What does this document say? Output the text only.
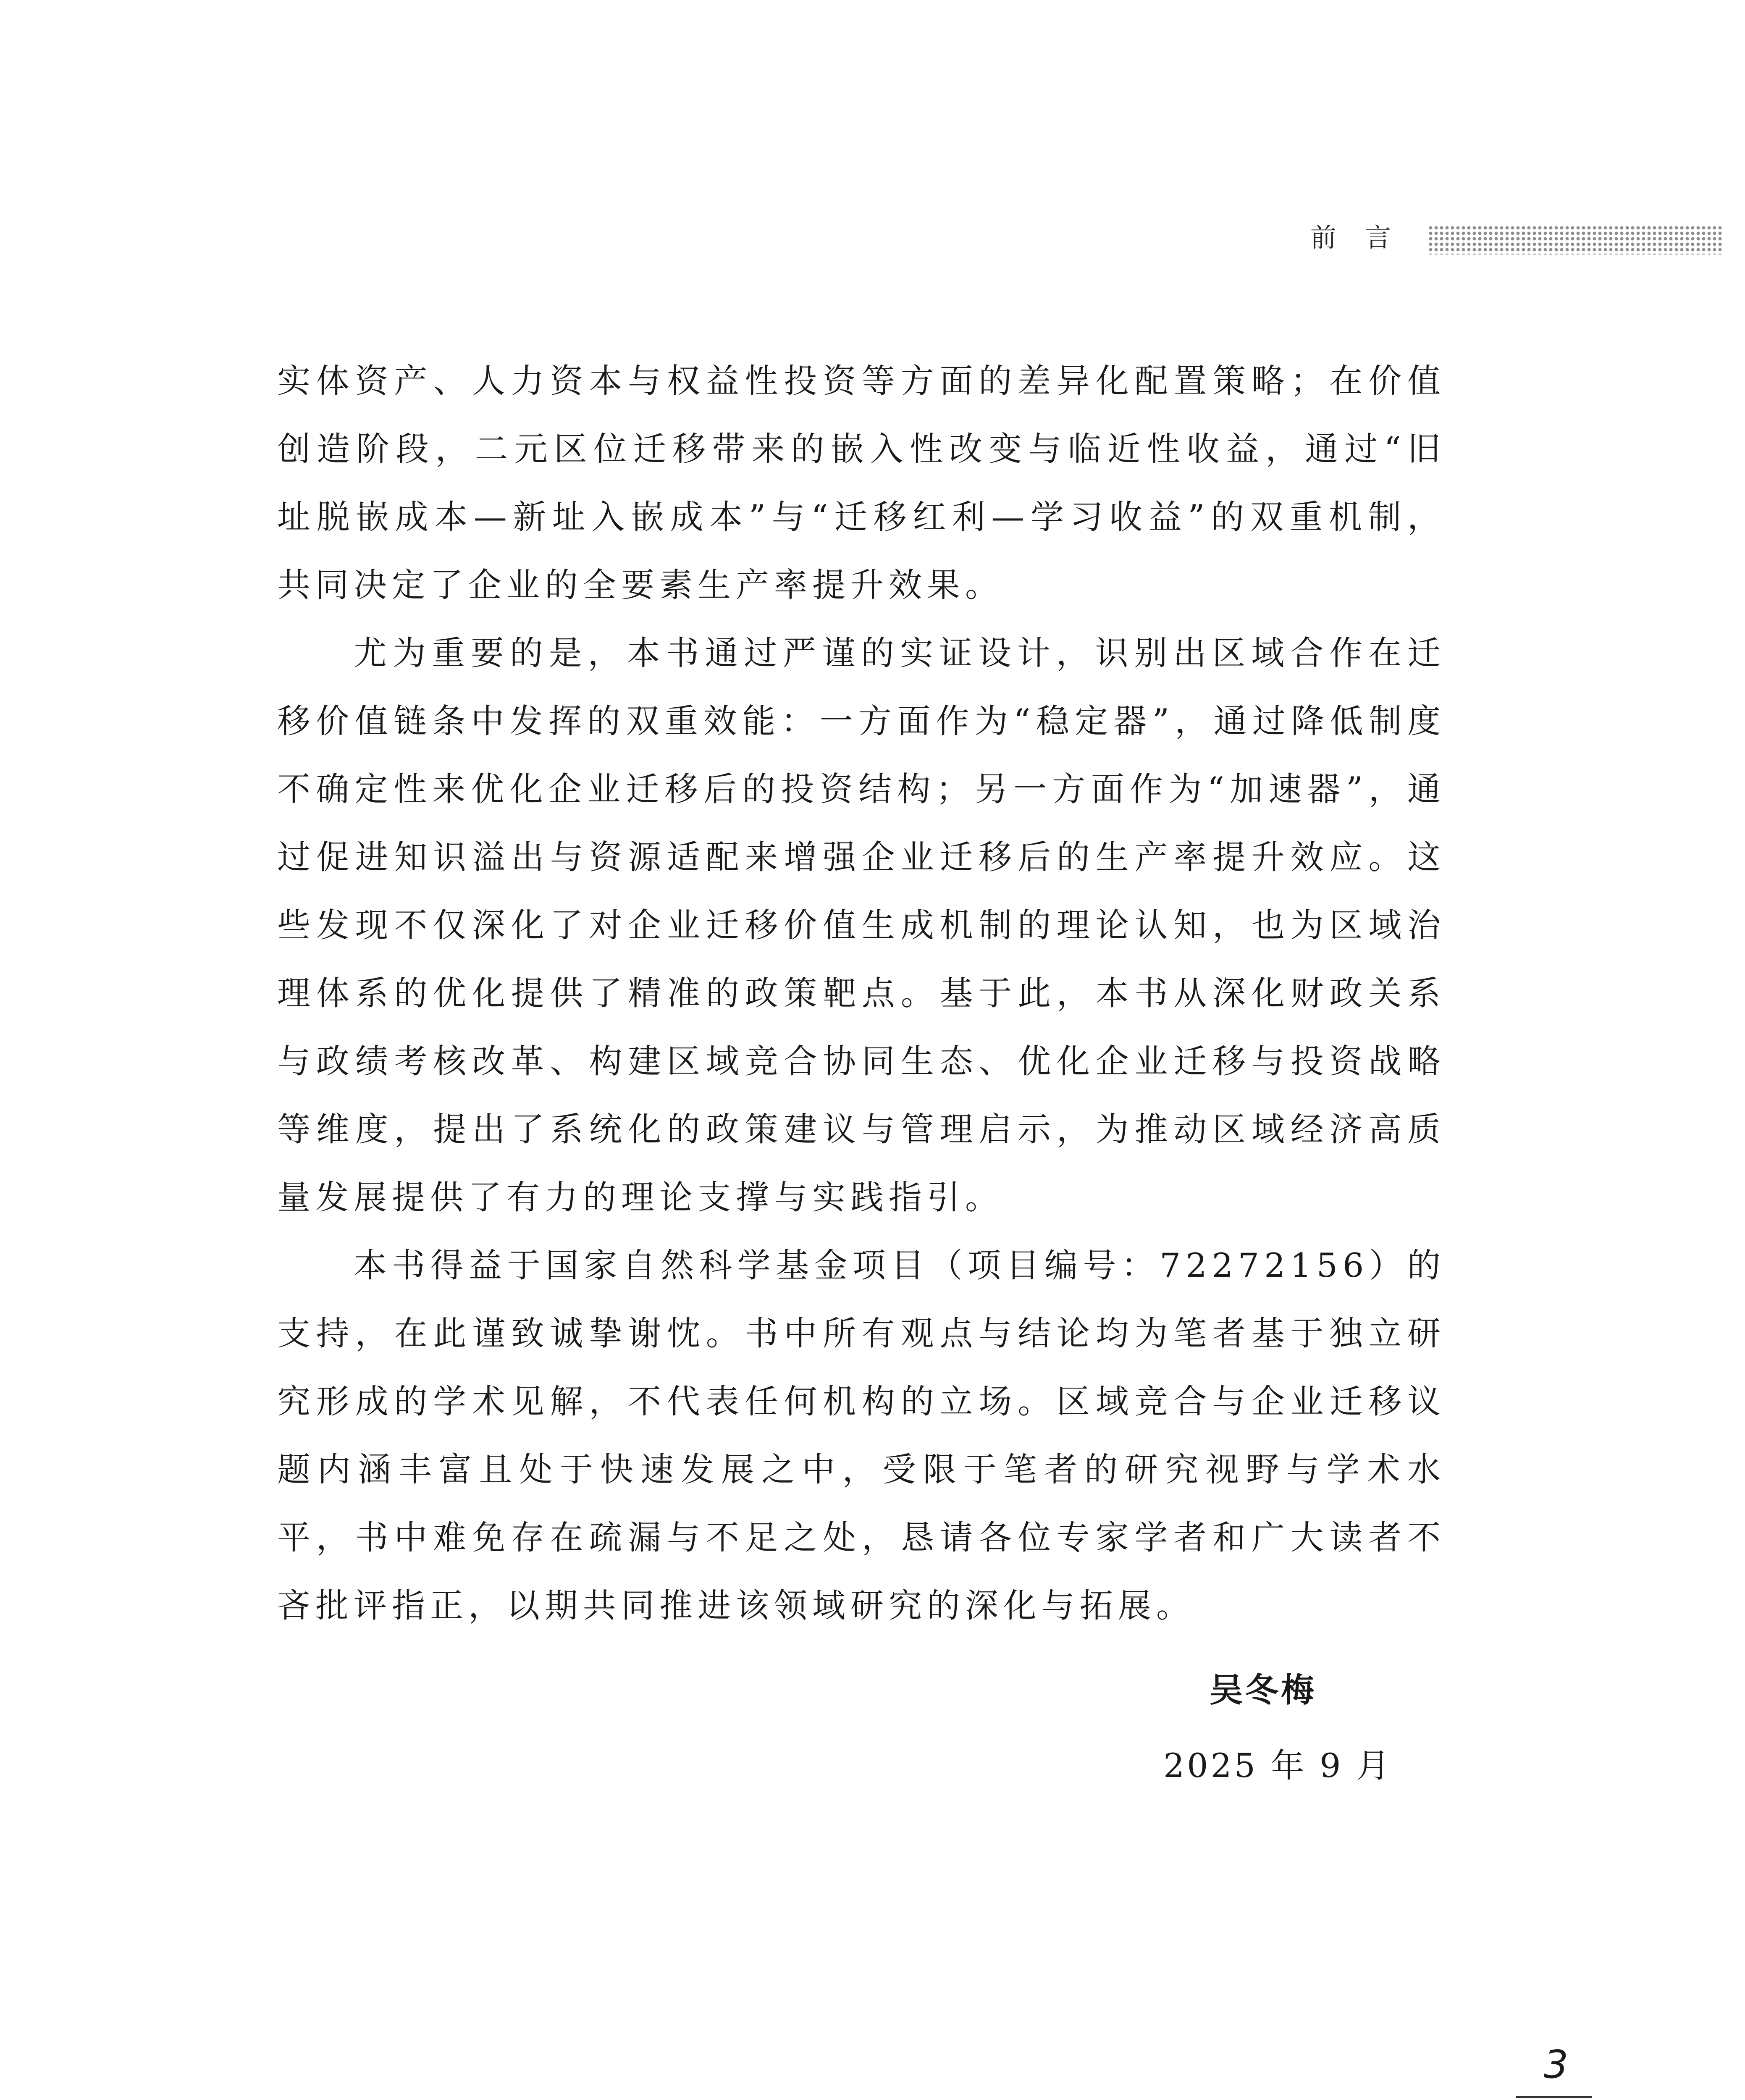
前言

实体资产、人力资本与权益性投资等方面的差异化配置策略；在价值创造阶段，二元区位迁移带来的嵌入性改变与临近性收益，通过“旧址脱嵌成本—新址入嵌成本”与“迁移红利—学习收益”的双重机制，共同决定了企业的全要素生产率提升效果。

尤为重要的是，本书通过严谨的实证设计，识别出区域合作在迁移价值链条中发挥的双重效能：一方面作为“稳定器”，通过降低制度不确定性来优化企业迁移后的投资结构；另一方面作为“加速器”，通过促进知识溢出与资源适配来增强企业迁移后的生产率提升效应。这些发现不仅深化了对企业迁移价值生成机制的理论认知，也为区域治理体系的优化提供了精准的政策靶点。基于此，本书从深化财政关系与政绩考核改革、构建区域竞合协同生态、优化企业迁移与投资战略等维度，提出了系统化的政策建议与管理启示，为推动区域经济高质量发展提供了有力的理论支撑与实践指引。

本书得益于国家自然科学基金项目（项目编号：72272156）的支持，在此谨致诚挚谢忱。书中所有观点与结论均为笔者基于独立研究形成的学术见解，不代表任何机构的立场。区域竞合与企业迁移议题内涵丰富且处于快速发展之中，受限于笔者的研究视野与学术水平，书中难免存在疏漏与不足之处，恳请各位专家学者和广大读者不吝批评指正，以期共同推进该领域研究的深化与拓展。

吴冬梅
2025 年 9 月
3
